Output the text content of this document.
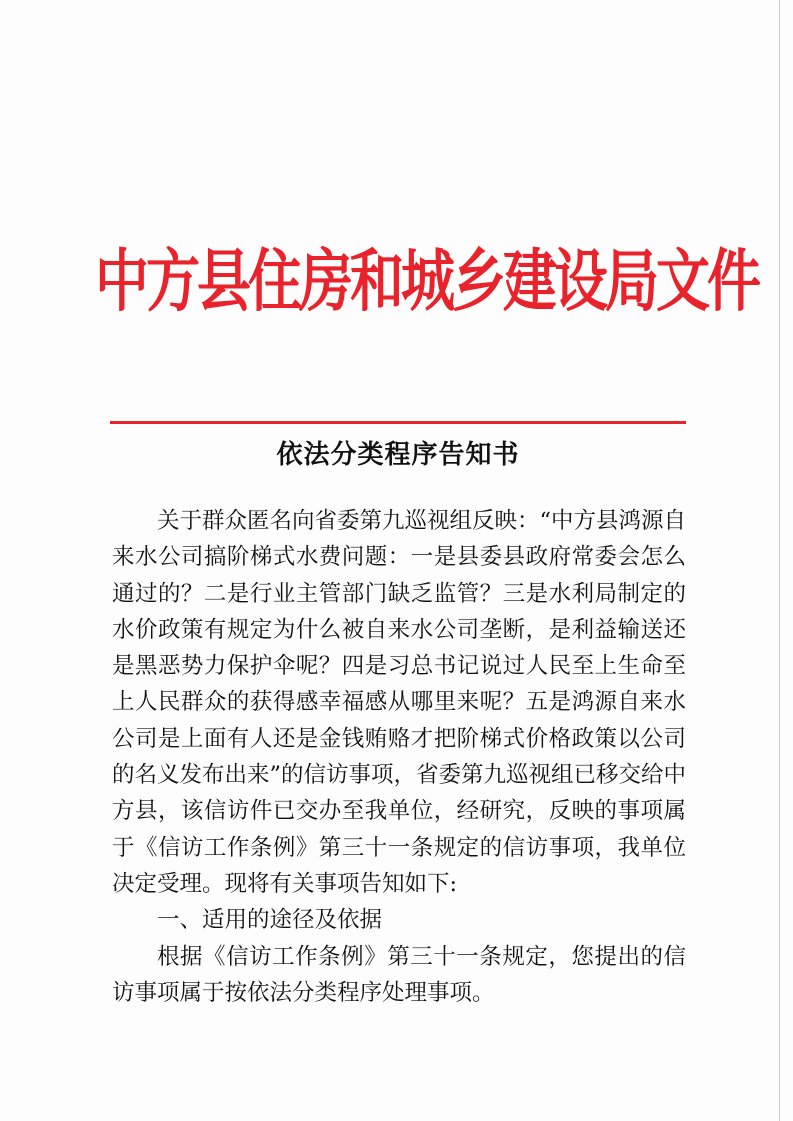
中方县住房和城乡建设局文件
依法分类程序告知书

关于群众匿名向省委第九巡视组反映：“中方县鸿源自来水公司搞阶梯式水费问题：一是县委县政府常委会怎么通过的？二是行业主管部门缺乏监管？三是水利局制定的水价政策有规定为什么被自来水公司垄断，是利益输送还是黑恶势力保护伞呢？四是习总书记说过人民至上生命至上人民群众的获得感幸福感从哪里来呢？五是鸿源自来水公司是上面有人还是金钱贿赂才把阶梯式价格政策以公司的名义发布出来”的信访事项，省委第九巡视组已移交给中方县，该信访件已交办至我单位，经研究，反映的事项属于《信访工作条例》第三十一条规定的信访事项，我单位决定受理。现将有关事项告知如下:

一、适用的途径及依据

根据《信访工作条例》第三十一条规定，您提出的信访事项属于按依法分类程序处理事项。
